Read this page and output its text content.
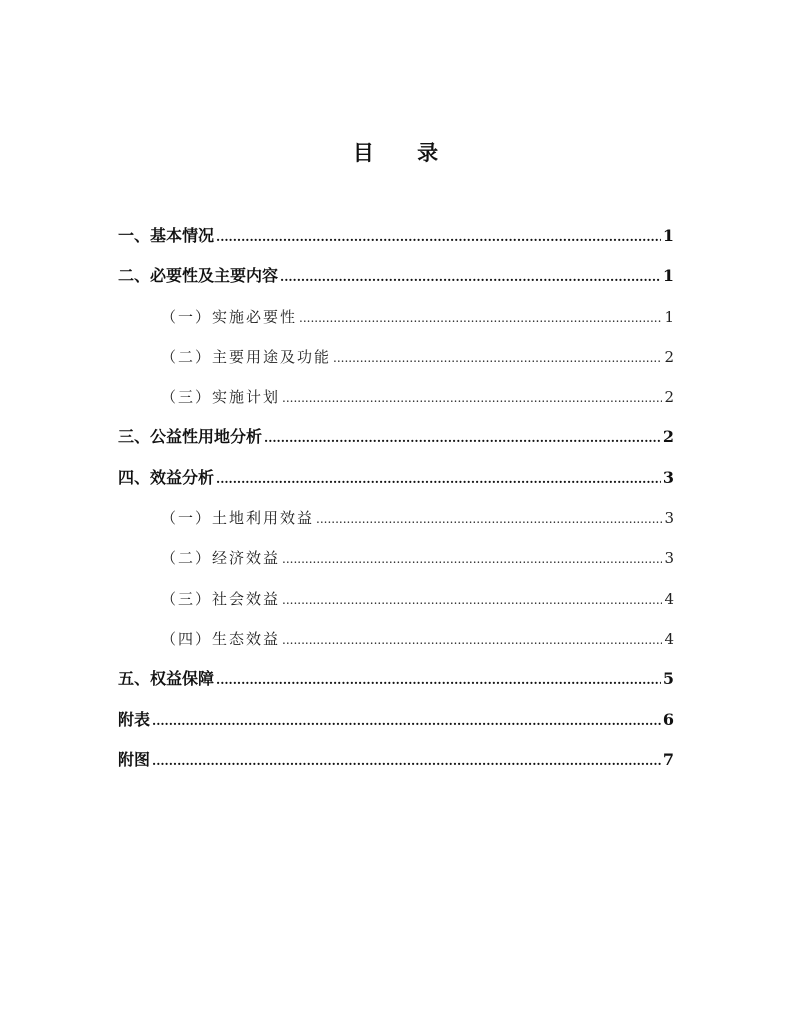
目 录
一、基本情况 .....	1
二、必要性及主要内容 .....	1
（一）实施必要性 .....	1
（二）主要用途及功能 .....	2
（三）实施计划 .....	2
三、公益性用地分析 .....	2
四、效益分析 .....	3
（一）土地利用效益 .....	3
（二）经济效益 .....	3
（三）社会效益 .....	4
（四）生态效益 .....	4
五、权益保障 .....	5
附表 .....	6
附图 .....	7
